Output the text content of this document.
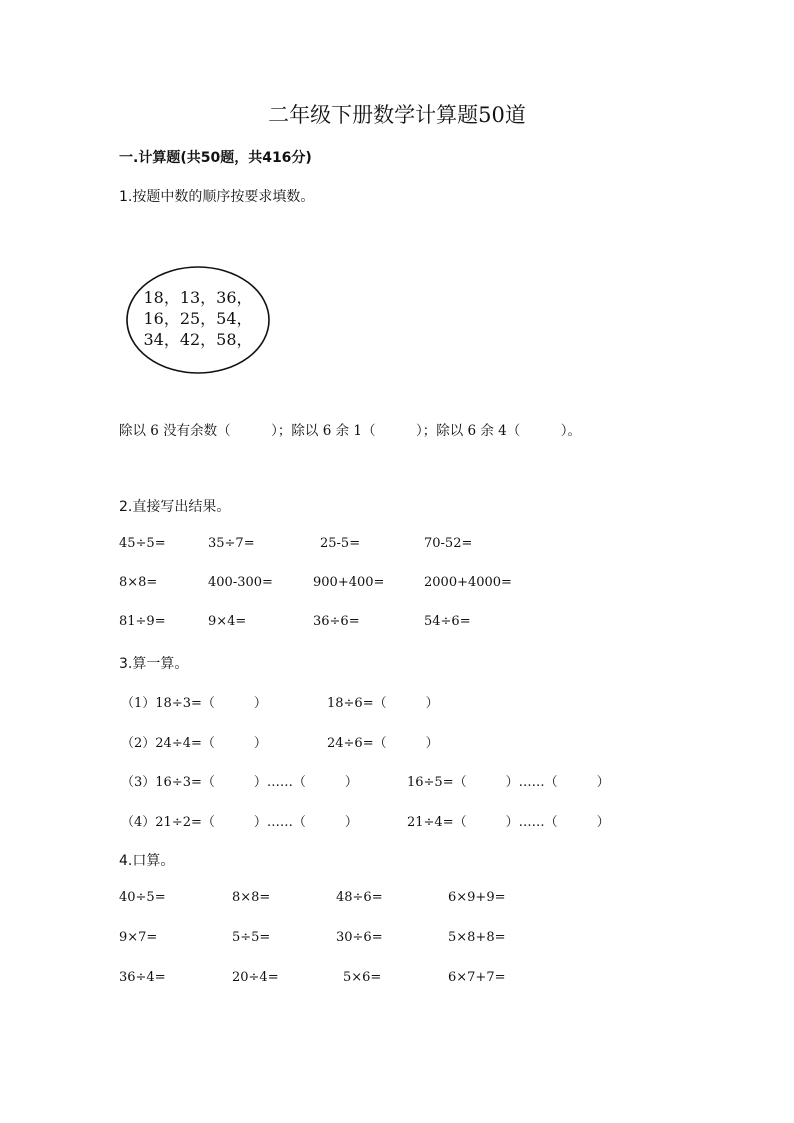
二年级下册数学计算题50道
一.计算题(共50题，共416分)
1.按题中数的顺序按要求填数。
18，13，36，
16，25，54，
34，42，58，
除以 6 没有余数（　　　）；除以 6 余 1（　　　）；除以 6 余 4（　　　）。
2.直接写出结果。
45÷5=	35÷7=	25-5=	70-52=
8×8=	400-300=	900+400=	2000+4000=
81÷9=	9×4=	36÷6=	54÷6=
3.算一算。
（1）18÷3=（　　　）	18÷6=（　　　）
（2）24÷4=（　　　）	24÷6=（　　　）
（3）16÷3=（　　　）……（　　　）	16÷5=（　　　）……（　　　）
（4）21÷2=（　　　）……（　　　）	21÷4=（　　　）……（　　　）
4.口算。
40÷5=	8×8=	48÷6=	6×9+9=
9×7=	5÷5=	30÷6=	5×8+8=
36÷4=	20÷4=	5×6=	6×7+7=
